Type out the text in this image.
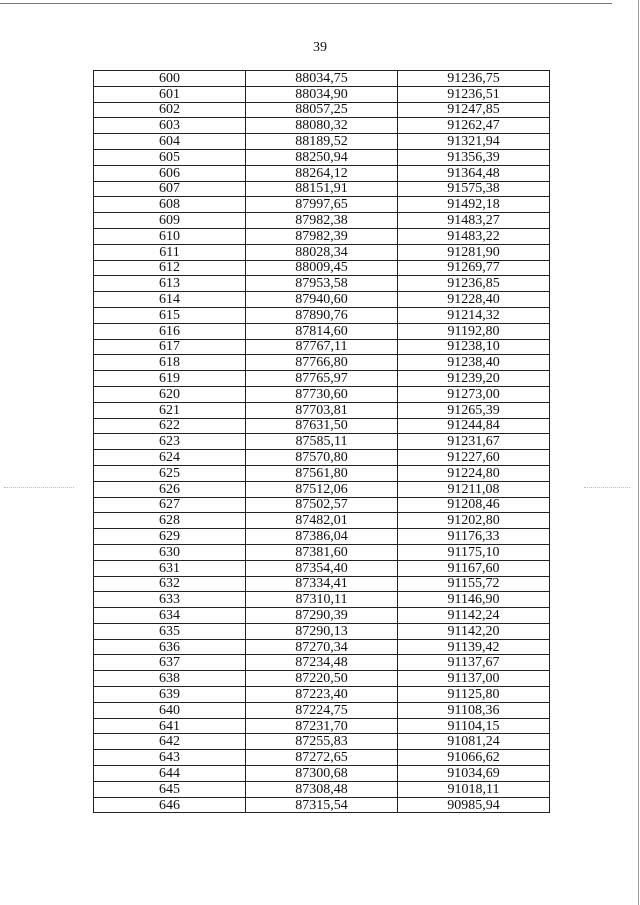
39
600	88034,75	91236,75
601	88034,90	91236,51
602	88057,25	91247,85
603	88080,32	91262,47
604	88189,52	91321,94
605	88250,94	91356,39
606	88264,12	91364,48
607	88151,91	91575,38
608	87997,65	91492,18
609	87982,38	91483,27
610	87982,39	91483,22
611	88028,34	91281,90
612	88009,45	91269,77
613	87953,58	91236,85
614	87940,60	91228,40
615	87890,76	91214,32
616	87814,60	91192,80
617	87767,11	91238,10
618	87766,80	91238,40
619	87765,97	91239,20
620	87730,60	91273,00
621	87703,81	91265,39
622	87631,50	91244,84
623	87585,11	91231,67
624	87570,80	91227,60
625	87561,80	91224,80
626	87512,06	91211,08
627	87502,57	91208,46
628	87482,01	91202,80
629	87386,04	91176,33
630	87381,60	91175,10
631	87354,40	91167,60
632	87334,41	91155,72
633	87310,11	91146,90
634	87290,39	91142,24
635	87290,13	91142,20
636	87270,34	91139,42
637	87234,48	91137,67
638	87220,50	91137,00
639	87223,40	91125,80
640	87224,75	91108,36
641	87231,70	91104,15
642	87255,83	91081,24
643	87272,65	91066,62
644	87300,68	91034,69
645	87308,48	91018,11
646	87315,54	90985,94
